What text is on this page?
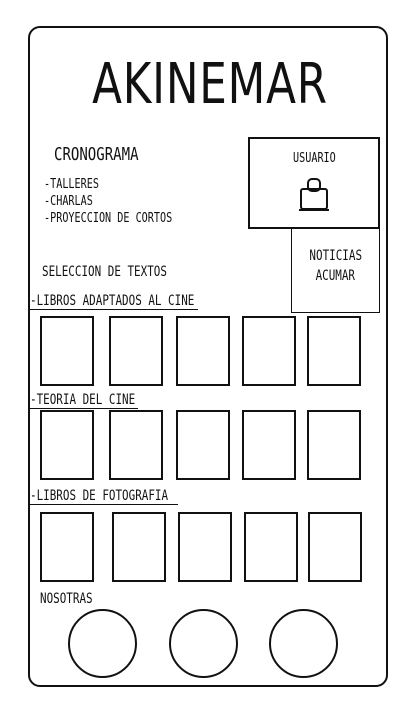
AKINEMAR
CRONOGRAMA
-TALLERES
-CHARLAS
-PROYECCION DE CORTOS
USUARIO
NOTICIAS
ACUMAR
SELECCION DE TEXTOS
-LIBROS ADAPTADOS AL CINE
-TEORIA DEL CINE
-LIBROS DE FOTOGRAFIA
NOSOTRAS
